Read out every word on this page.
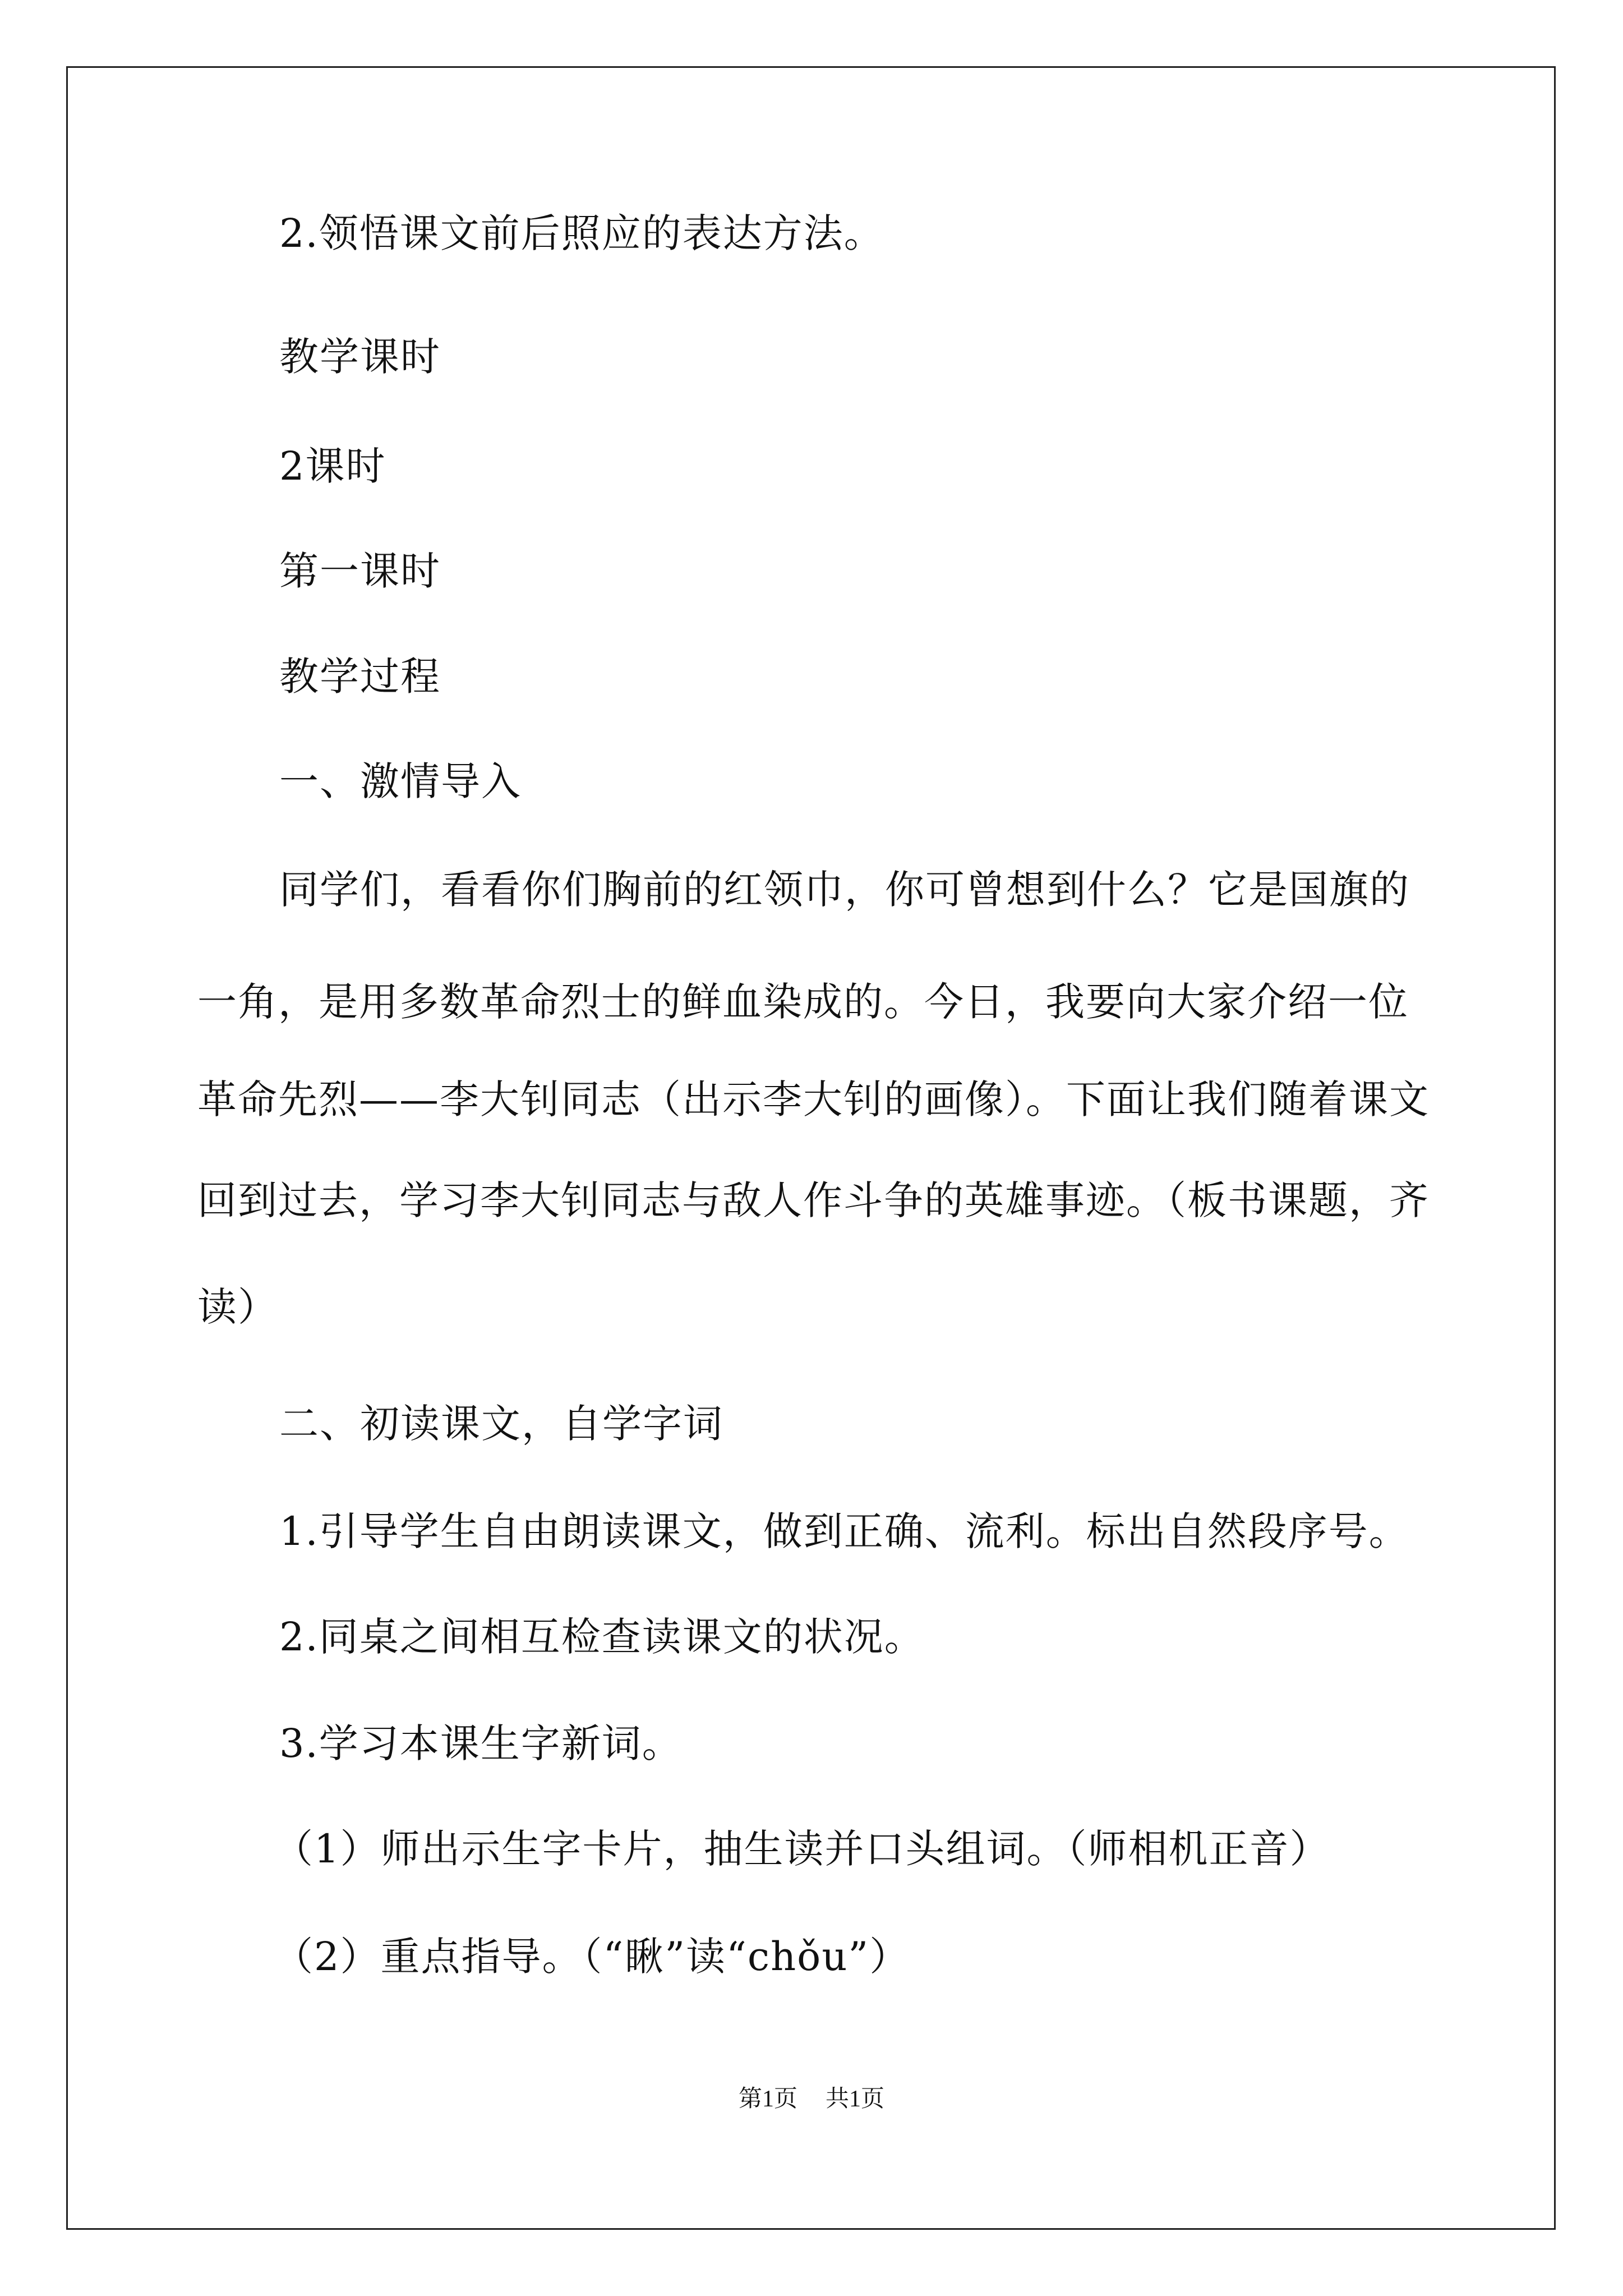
2.领悟课文前后照应的表达方法。
教学课时
2课时
第一课时
教学过程
一、激情导入
同学们，看看你们胸前的红领巾，你可曾想到什么？它是国旗的
一角，是用多数革命烈士的鲜血染成的。今日，我要向大家介绍一位
革命先烈——李大钊同志（出示李大钊的画像）。下面让我们随着课文
回到过去，学习李大钊同志与敌人作斗争的英雄事迹。（板书课题，齐
读）
二、初读课文，自学字词
1.引导学生自由朗读课文，做到正确、流利。标出自然段序号。
2.同桌之间相互检查读课文的状况。
3.学习本课生字新词。
（1）师出示生字卡片，抽生读并口头组词。（师相机正音）
（2）重点指导。（“瞅”读“chǒu”）
第1页 共1页
